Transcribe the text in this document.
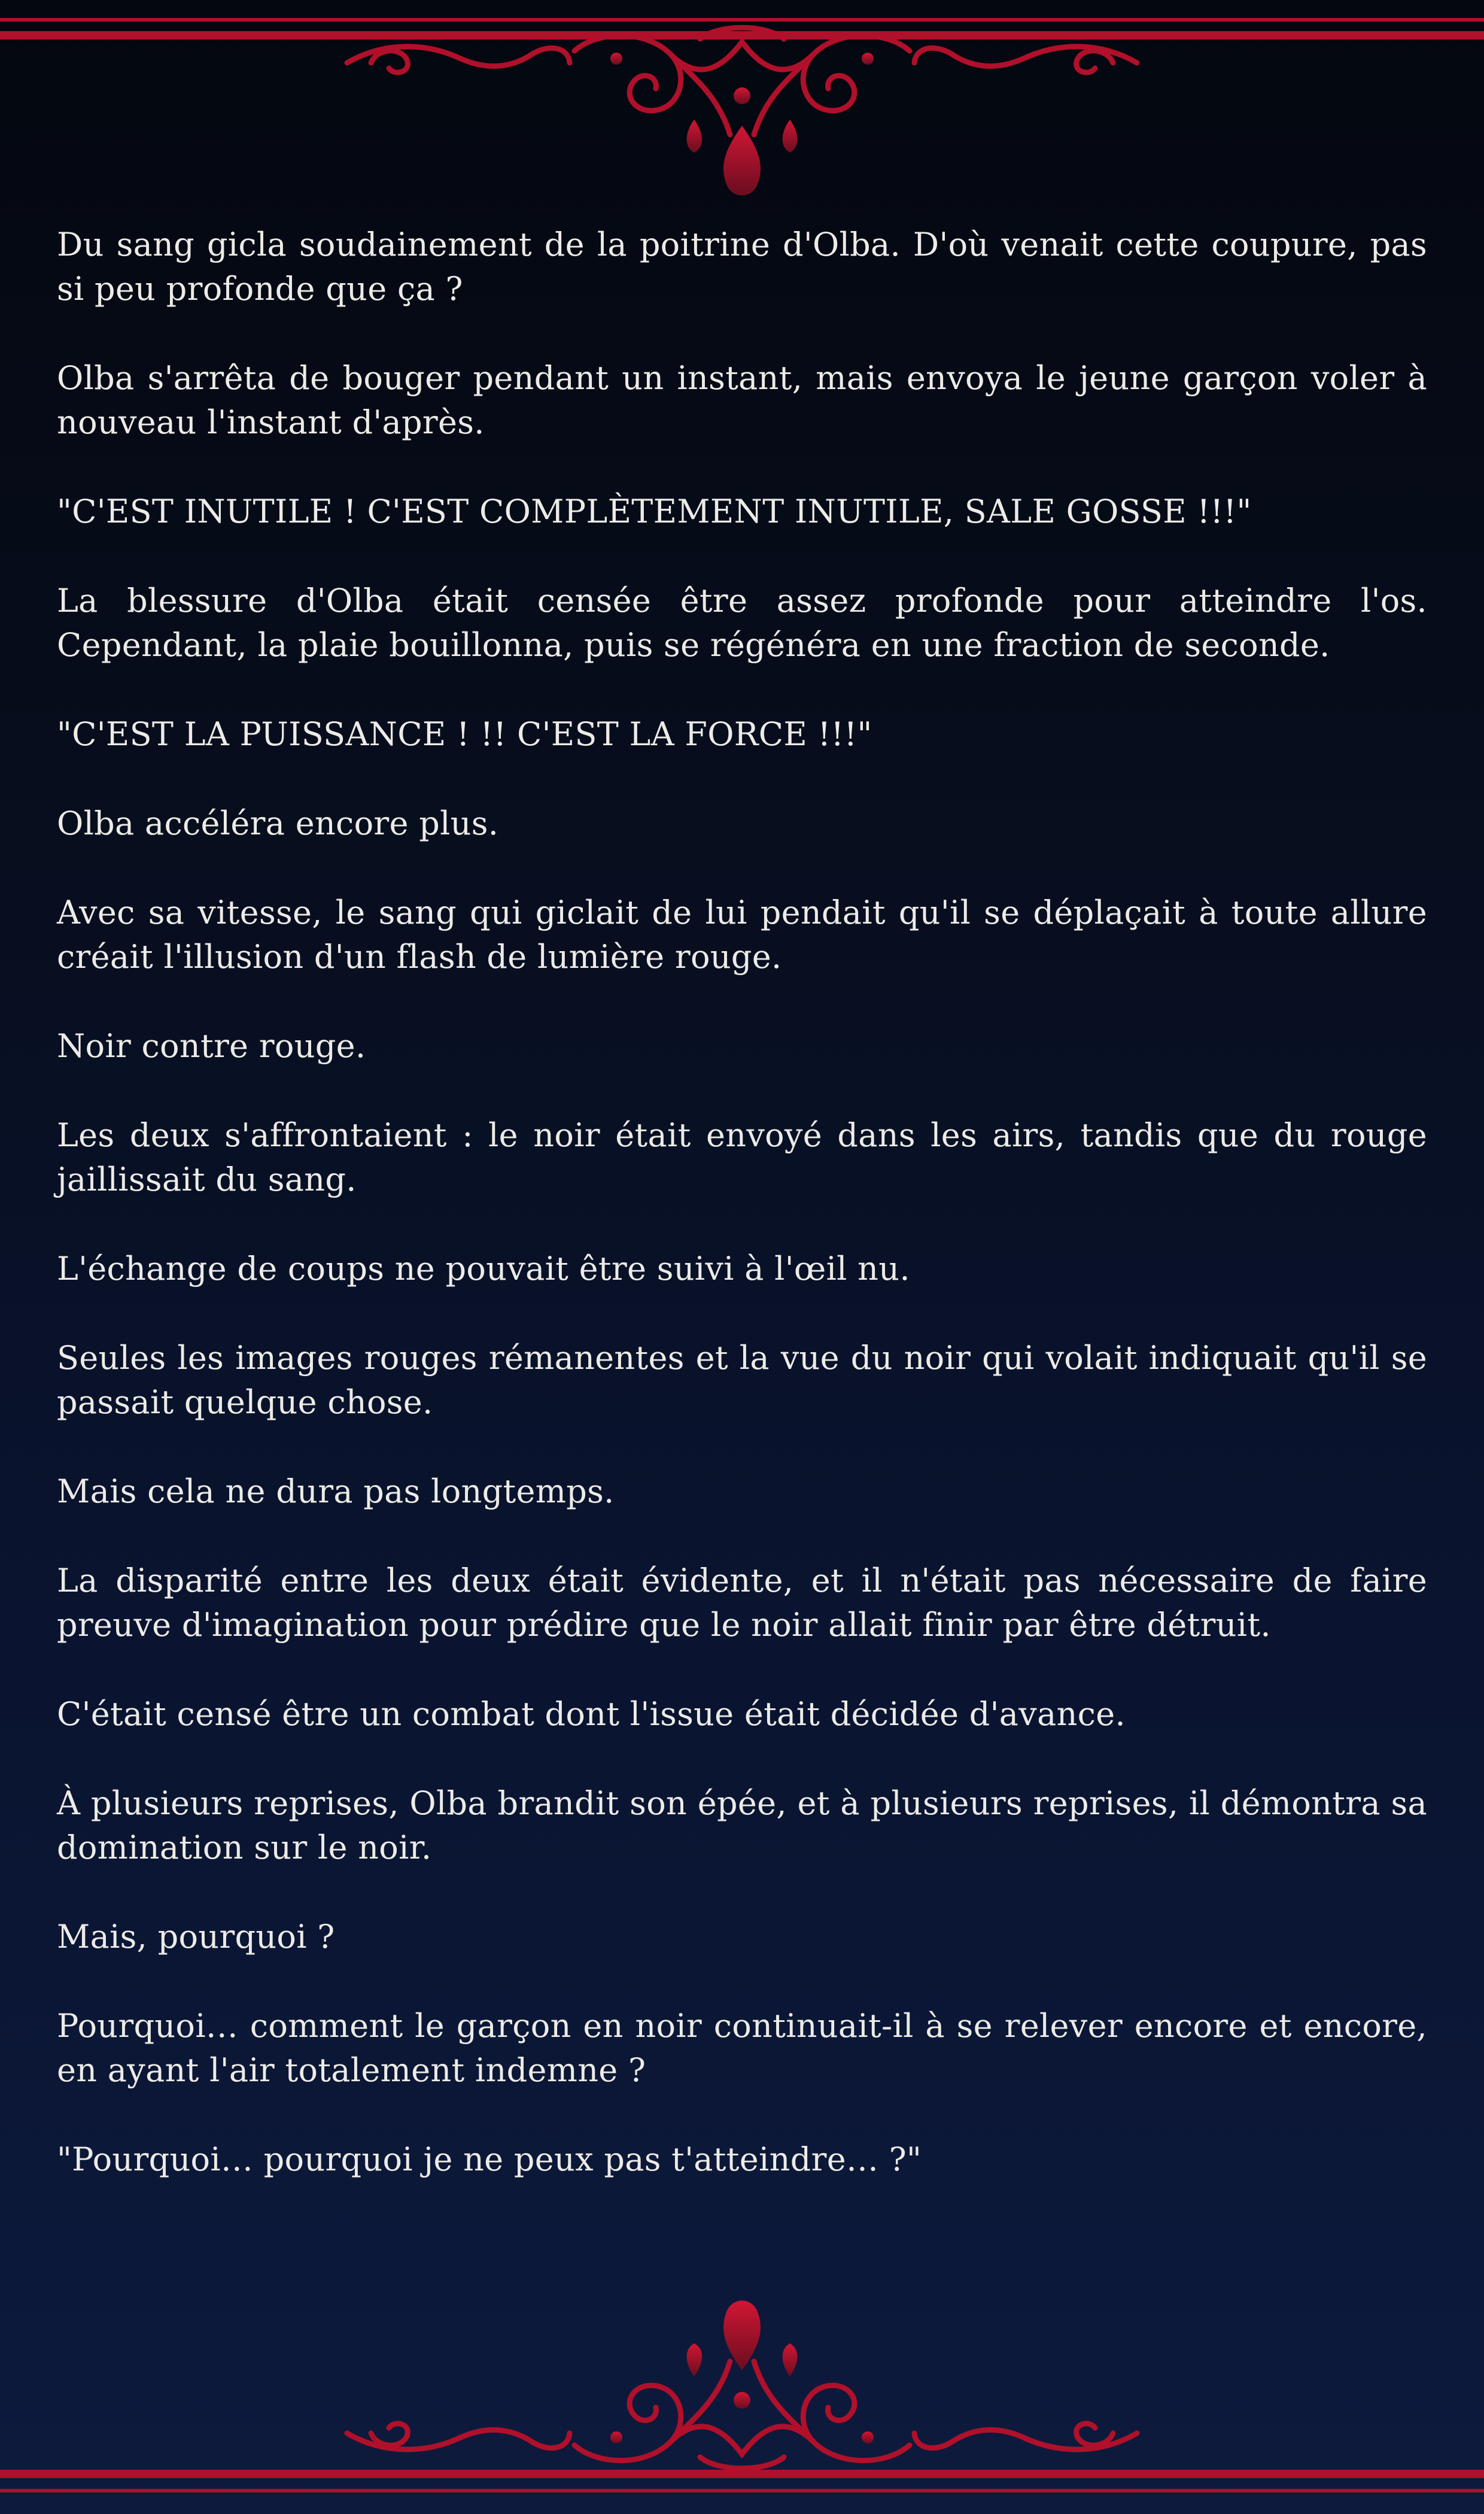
Du sang gicla soudainement de la poitrine d'Olba. D'où venait cette coupure, pas si peu profonde que ça ?

Olba s'arrêta de bouger pendant un instant, mais envoya le jeune garçon voler à nouveau l'instant d'après.

"C'EST INUTILE ! C'EST COMPLÈTEMENT INUTILE, SALE GOSSE !!!"

La blessure d'Olba était censée être assez profonde pour atteindre l'os. Cependant, la plaie bouillonna, puis se régénéra en une fraction de seconde.

"C'EST LA PUISSANCE ! !! C'EST LA FORCE !!!"

Olba accéléra encore plus.

Avec sa vitesse, le sang qui giclait de lui pendait qu'il se déplaçait à toute allure créait l'illusion d'un flash de lumière rouge.

Noir contre rouge.

Les deux s'affrontaient : le noir était envoyé dans les airs, tandis que du rouge jaillissait du sang.

L'échange de coups ne pouvait être suivi à l'œil nu.

Seules les images rouges rémanentes et la vue du noir qui volait indiquait qu'il se passait quelque chose.

Mais cela ne dura pas longtemps.

La disparité entre les deux était évidente, et il n'était pas nécessaire de faire preuve d'imagination pour prédire que le noir allait finir par être détruit.

C'était censé être un combat dont l'issue était décidée d'avance.

À plusieurs reprises, Olba brandit son épée, et à plusieurs reprises, il démontra sa domination sur le noir.

Mais, pourquoi ?

Pourquoi… comment le garçon en noir continuait-il à se relever encore et encore, en ayant l'air totalement indemne ?

"Pourquoi… pourquoi je ne peux pas t'atteindre… ?"
